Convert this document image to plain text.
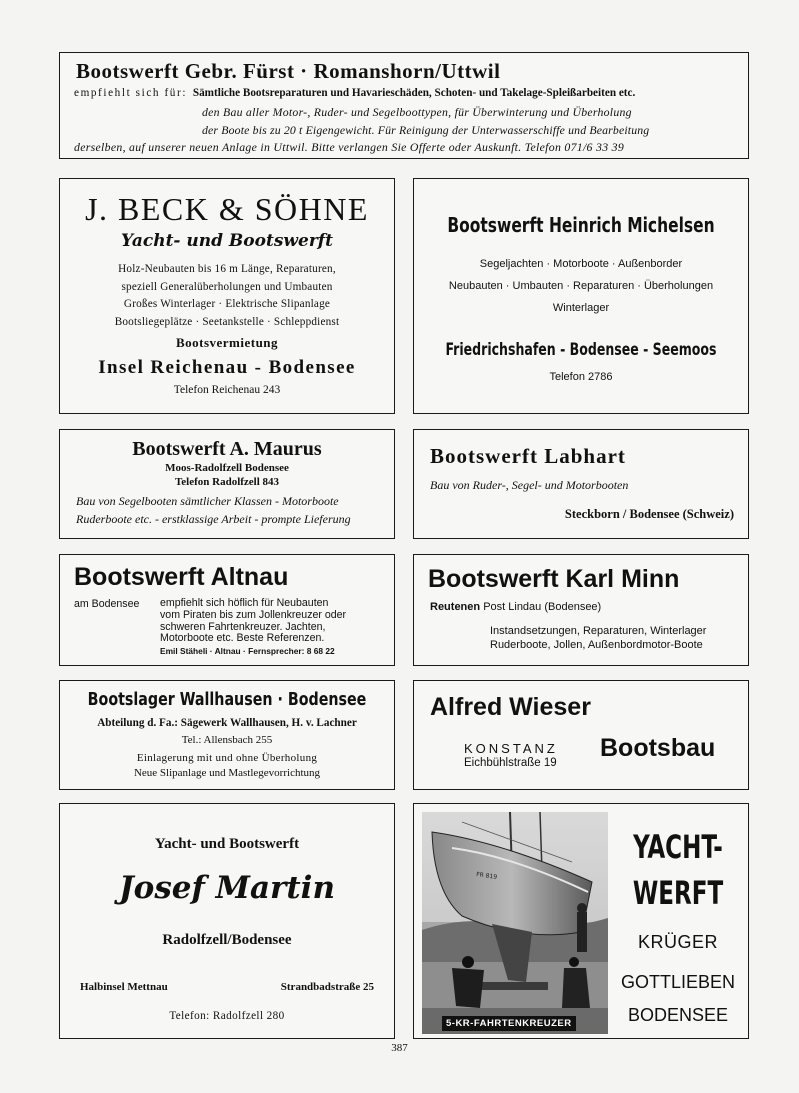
Bootswerft Gebr. Fürst · Romanshorn/Uttwil
empfiehlt sich für: Sämtliche Bootsreparaturen und Havarieschäden, Schoten- und Takelage-Spleißarbeiten etc.
den Bau aller Motor-, Ruder- und Segelboottypen, für Überwinterung und Überholung
der Boote bis zu 20 t Eigengewicht. Für Reinigung der Unterwasserschiffe und Bearbeitung
derselben, auf unserer neuen Anlage in Uttwil. Bitte verlangen Sie Offerte oder Auskunft. Telefon 071/6 33 39
J. BECK & SÖHNE
Yacht- und Bootswerft
Holz-Neubauten bis 16 m Länge, Reparaturen,
speziell Generalüberholungen und Umbauten
Großes Winterlager · Elektrische Slipanlage
Bootsliegeplätze · Seetankstelle · Schleppdienst
Bootsvermietung
Insel Reichenau - Bodensee
Telefon Reichenau 243
Bootswerft Heinrich Michelsen
Segeljachten · Motorboote · Außenborder
Neubauten · Umbauten · Reparaturen · Überholungen
Winterlager
Friedrichshafen - Bodensee - Seemoos
Telefon 2786
Bootswerft A. Maurus
Moos-Radolfzell Bodensee
Telefon Radolfzell 843
Bau von Segelbooten sämtlicher Klassen - Motorboote
Ruderboote etc. - erstklassige Arbeit - prompte Lieferung
Bootswerft Labhart
Bau von Ruder-, Segel- und Motorbooten
Steckborn / Bodensee (Schweiz)
Bootswerft Altnau
am Bodensee empfiehlt sich höflich für Neubauten
vom Piraten bis zum Jollenkreuzer oder
schweren Fahrtenkreuzer. Jachten,
Motorboote etc. Beste Referenzen.
Emil Stäheli · Altnau · Fernsprecher: 8 68 22
Bootswerft Karl Minn
Reutenen Post Lindau (Bodensee)
Instandsetzungen, Reparaturen, Winterlager
Ruderboote, Jollen, Außenbordmotor-Boote
Bootslager Wallhausen · Bodensee
Abteilung d. Fa.: Sägewerk Wallhausen, H. v. Lachner
Tel.: Allensbach 255
Einlagerung mit und ohne Überholung
Neue Slipanlage und Mastlegevorrichtung
Alfred Wieser
KONSTANZ
Eichbühlstraße 19
Bootsbau
Yacht- und Bootswerft
Josef Martin
Radolfzell/Bodensee
Halbinsel Mettnau	Strandbadstraße 25
Telefon: Radolfzell 280
FR 819
5-KR-FAHRTENKREUZER
YACHT-
WERFT
KRÜGER
GOTTLIEBEN
BODENSEE
387
